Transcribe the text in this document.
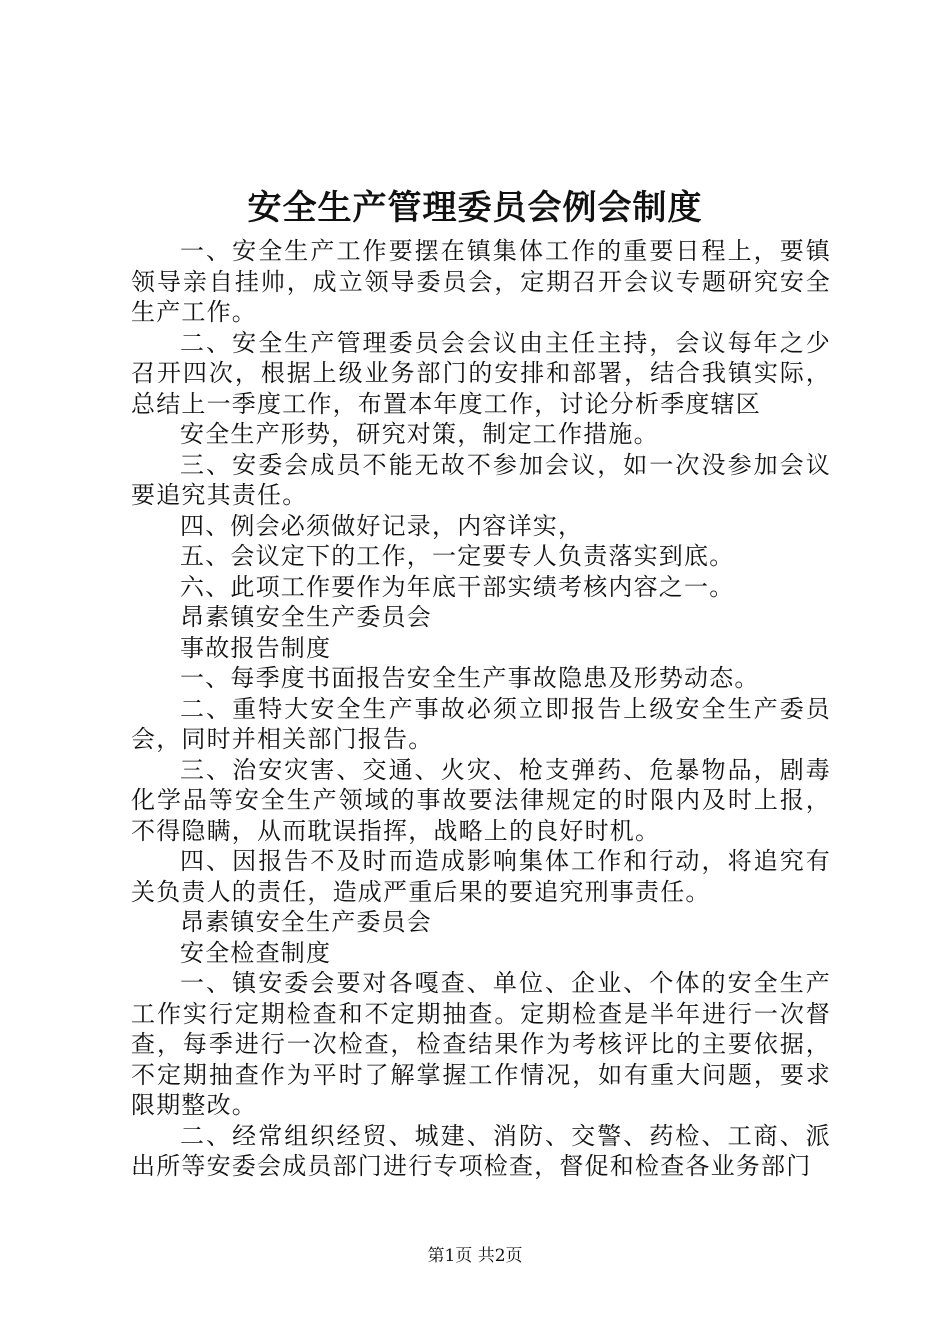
安全生产管理委员会例会制度

一、安全生产工作要摆在镇集体工作的重要日程上，要镇领导亲自挂帅，成立领导委员会，定期召开会议专题研究安全生产工作。

二、安全生产管理委员会会议由主任主持，会议每年之少召开四次，根据上级业务部门的安排和部署，结合我镇实际，总结上一季度工作，布置本年度工作，讨论分析季度辖区

安全生产形势，研究对策，制定工作措施。

三、安委会成员不能无故不参加会议，如一次没参加会议要追究其责任。

四、例会必须做好记录，内容详实，

五、会议定下的工作，一定要专人负责落实到底。

六、此项工作要作为年底干部实绩考核内容之一。

昂素镇安全生产委员会

事故报告制度

一、每季度书面报告安全生产事故隐患及形势动态。

二、重特大安全生产事故必须立即报告上级安全生产委员会，同时并相关部门报告。

三、治安灾害、交通、火灾、枪支弹药、危暴物品，剧毒化学品等安全生产领域的事故要法律规定的时限内及时上报，不得隐瞒，从而耽误指挥，战略上的良好时机。

四、因报告不及时而造成影响集体工作和行动，将追究有关负责人的责任，造成严重后果的要追究刑事责任。

昂素镇安全生产委员会

安全检查制度

一、镇安委会要对各嘎查、单位、企业、个体的安全生产工作实行定期检查和不定期抽查。定期检查是半年进行一次督查，每季进行一次检查，检查结果作为考核评比的主要依据，不定期抽查作为平时了解掌握工作情况，如有重大问题，要求限期整改。

二、经常组织经贸、城建、消防、交警、药检、工商、派出所等安委会成员部门进行专项检查，督促和检查各业务部门

第1页 共2页
